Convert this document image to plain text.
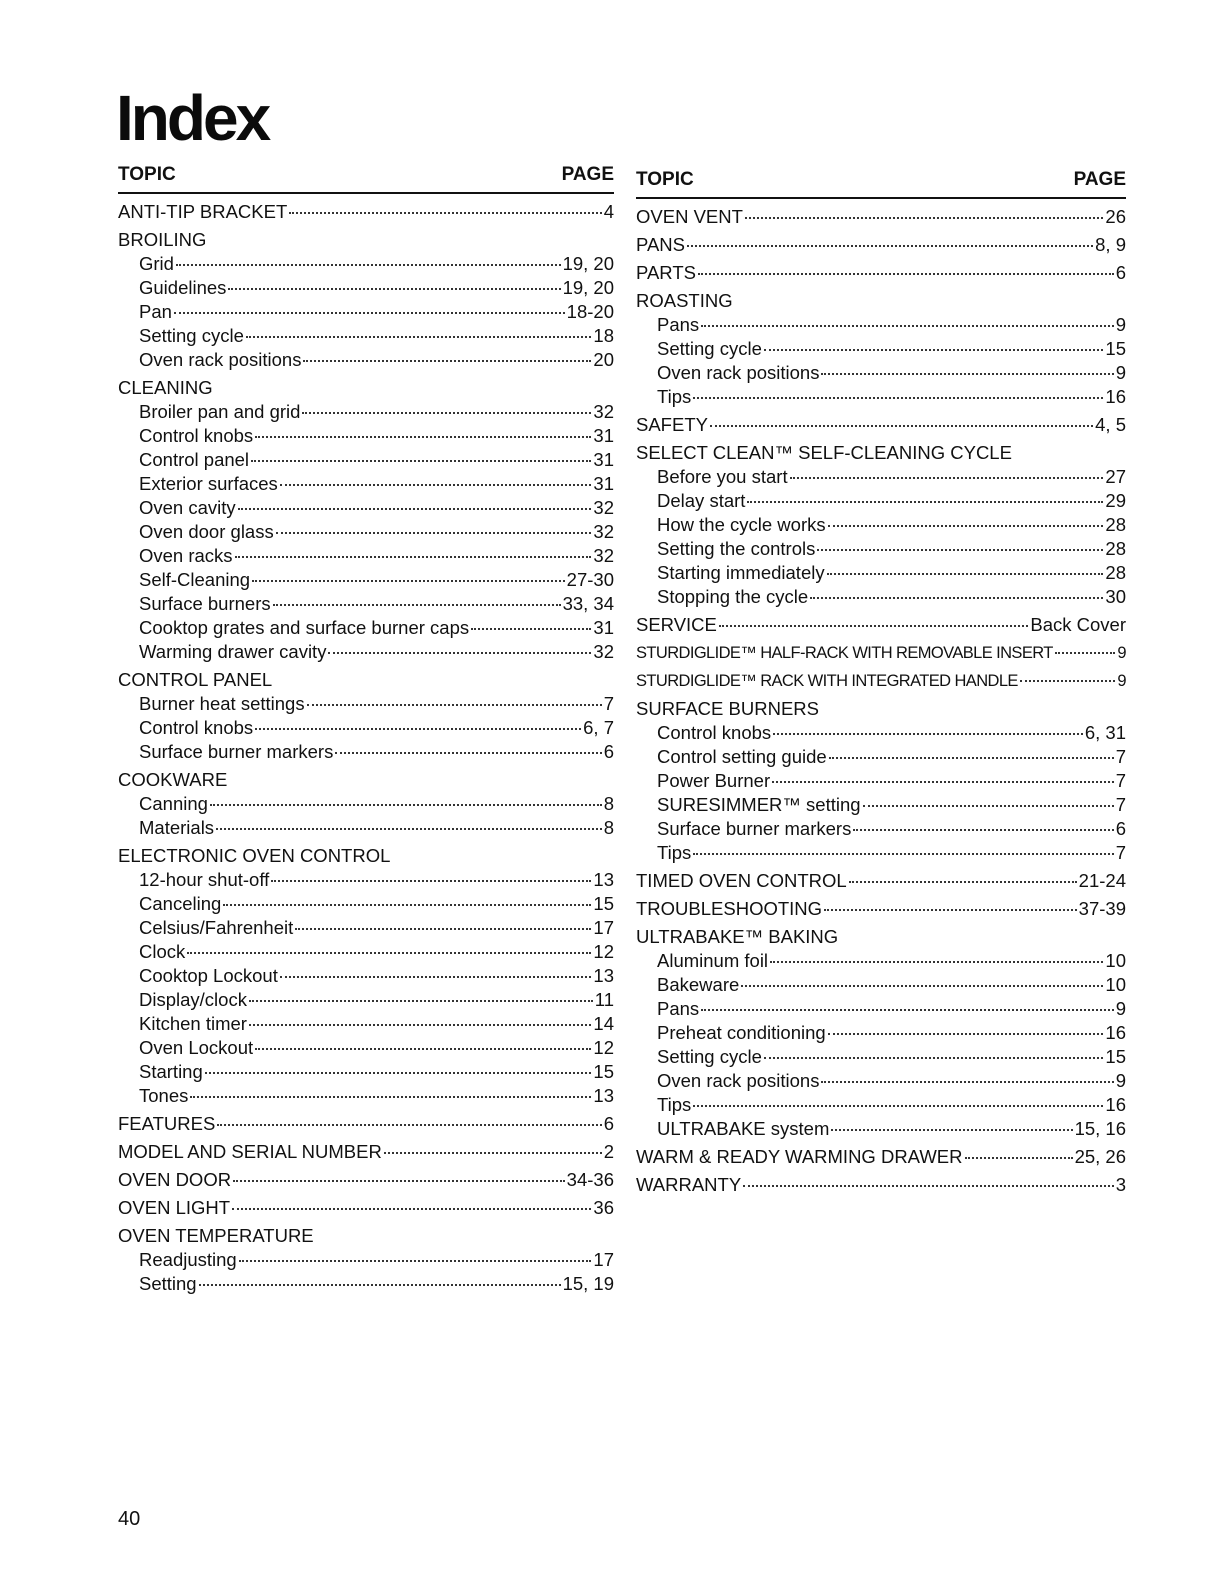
Index
TOPIC	PAGE
ANTI-TIP BRACKET	4
BROILING
Grid	19, 20
Guidelines	19, 20
Pan	18-20
Setting cycle	18
Oven rack positions	20
CLEANING
Broiler pan and grid	32
Control knobs	31
Control panel	31
Exterior surfaces	31
Oven cavity	32
Oven door glass	32
Oven racks	32
Self-Cleaning	27-30
Surface burners	33, 34
Cooktop grates and surface burner caps	31
Warming drawer cavity	32
CONTROL PANEL
Burner heat settings	7
Control knobs	6, 7
Surface burner markers	6
COOKWARE
Canning	8
Materials	8
ELECTRONIC OVEN CONTROL
12-hour shut-off	13
Canceling	15
Celsius/Fahrenheit	17
Clock	12
Cooktop Lockout	13
Display/clock	11
Kitchen timer	14
Oven Lockout	12
Starting	15
Tones	13
FEATURES	6
MODEL AND SERIAL NUMBER	2
OVEN DOOR	34-36
OVEN LIGHT	36
OVEN TEMPERATURE
Readjusting	17
Setting	15, 19
TOPIC	PAGE
OVEN VENT	26
PANS	8, 9
PARTS	6
ROASTING
Pans	9
Setting cycle	15
Oven rack positions	9
Tips	16
SAFETY	4, 5
SELECT CLEAN™ SELF-CLEANING CYCLE
Before you start	27
Delay start	29
How the cycle works	28
Setting the controls	28
Starting immediately	28
Stopping the cycle	30
SERVICE	Back Cover
STURDIGLIDE™ HALF-RACK WITH REMOVABLE INSERT	9
STURDIGLIDE™ RACK WITH INTEGRATED HANDLE	9
SURFACE BURNERS
Control knobs	6, 31
Control setting guide	7
Power Burner	7
SURESIMMER™ setting	7
Surface burner markers	6
Tips	7
TIMED OVEN CONTROL	21-24
TROUBLESHOOTING	37-39
ULTRABAKE™ BAKING
Aluminum foil	10
Bakeware	10
Pans	9
Preheat conditioning	16
Setting cycle	15
Oven rack positions	9
Tips	16
ULTRABAKE system	15, 16
WARM & READY WARMING DRAWER	25, 26
WARRANTY	3
40
